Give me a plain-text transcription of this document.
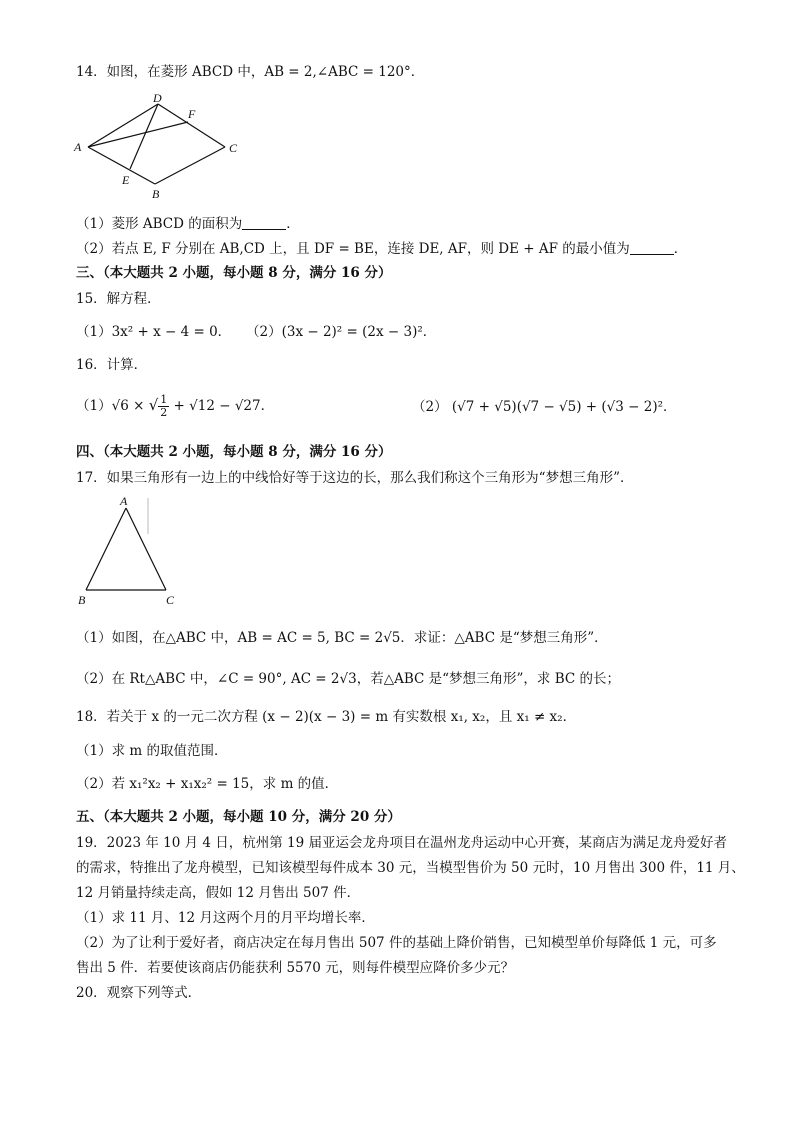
14．如图，在菱形 ABCD 中，AB = 2,∠ABC = 120°．
A
D
F
C
E
B
（1）菱形 ABCD 的面积为	．
（2）若点 E, F 分别在 AB,CD 上，且 DF = BE，连接 DE, AF，则 DE + AF 的最小值为	．
三、（本大题共 2 小题，每小题 8 分，满分 16 分）
15．解方程．
（1）3x² + x − 4 = 0． （2）(3x − 2)² = (2x − 3)²．
16．计算．
（1）√6 × √ $\frac{1}{2} + √12 - √27$．	（2） (√7 + √5)(√7 − √5) + (√3 − 2)²．
四、（本大题共 2 小题，每小题 8 分，满分 16 分）
17．如果三角形有一边上的中线恰好等于这边的长，那么我们称这个三角形为“梦想三角形”．
A
B	C
（1）如图，在△ABC 中，AB = AC = 5, BC = 2√5．求证：△ABC 是“梦想三角形”．
（2）在 Rt△ABC 中，∠C = 90°, AC = 2√3，若△ABC 是“梦想三角形”，求 BC 的长；
18．若关于 x 的一元二次方程 (x − 2)(x − 3) = m 有实数根 x₁, x₂，且 x₁ ≠ x₂．
（1）求 m 的取值范围．
（2）若 x₁²x₂ + x₁x₂² = 15，求 m 的值．
五、（本大题共 2 小题，每小题 10 分，满分 20 分）
19．2023 年 10 月 4 日，杭州第 19 届亚运会龙舟项目在温州龙舟运动中心开赛，某商店为满足龙舟爱好者
的需求，特推出了龙舟模型，已知该模型每件成本 30 元，当模型售价为 50 元时，10 月售出 300 件，11 月、
12 月销量持续走高，假如 12 月售出 507 件．
（1）求 11 月、12 月这两个月的月平均增长率．
（2）为了让利于爱好者，商店决定在每月售出 507 件的基础上降价销售，已知模型单价每降低 1 元，可多
售出 5 件．若要使该商店仍能获利 5570 元，则每件模型应降价多少元？
20．观察下列等式．
